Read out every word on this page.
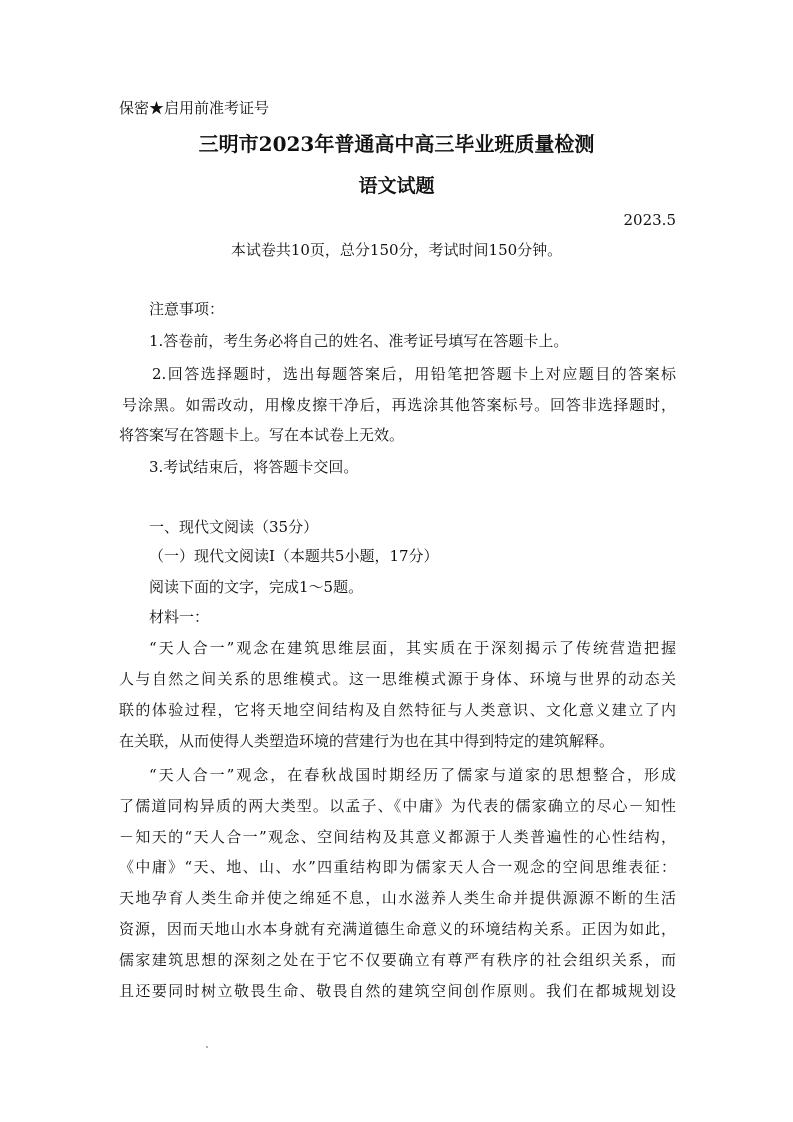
保密★启用前准考证号
三明市2023年普通高中高三毕业班质量检测
语文试题
2023.5
本试卷共10页，总分150分，考试时间150分钟。
注意事项：
1.答卷前，考生务必将自己的姓名、准考证号填写在答题卡上。
2.回答选择题时，选出每题答案后，用铅笔把答题卡上对应题目的答案标
号涂黑。如需改动，用橡皮擦干净后，再选涂其他答案标号。回答非选择题时，
将答案写在答题卡上。写在本试卷上无效。
3.考试结束后，将答题卡交回。
一、现代文阅读（35分）
（一）现代文阅读I（本题共5小题，17分）
阅读下面的文字，完成1～5题。
材料一：
“天人合一”观念在建筑思维层面，其实质在于深刻揭示了传统营造把握
人与自然之间关系的思维模式。这一思维模式源于身体、环境与世界的动态关
联的体验过程，它将天地空间结构及自然特征与人类意识、文化意义建立了内
在关联，从而使得人类塑造环境的营建行为也在其中得到特定的建筑解释。
“天人合一”观念，在春秋战国时期经历了儒家与道家的思想整合，形成
了儒道同构异质的两大类型。以孟子、《中庸》为代表的儒家确立的尽心－知性
－知天的“天人合一”观念、空间结构及其意义都源于人类普遍性的心性结构，
《中庸》“天、地、山、水”四重结构即为儒家天人合一观念的空间思维表征：
天地孕育人类生命并使之绵延不息，山水滋养人类生命并提供源源不断的生活
资源，因而天地山水本身就有充满道德生命意义的环境结构关系。正因为如此，
儒家建筑思想的深刻之处在于它不仅要确立有尊严有秩序的社会组织关系，而
且还要同时树立敬畏生命、敬畏自然的建筑空间创作原则。我们在都城规划设
